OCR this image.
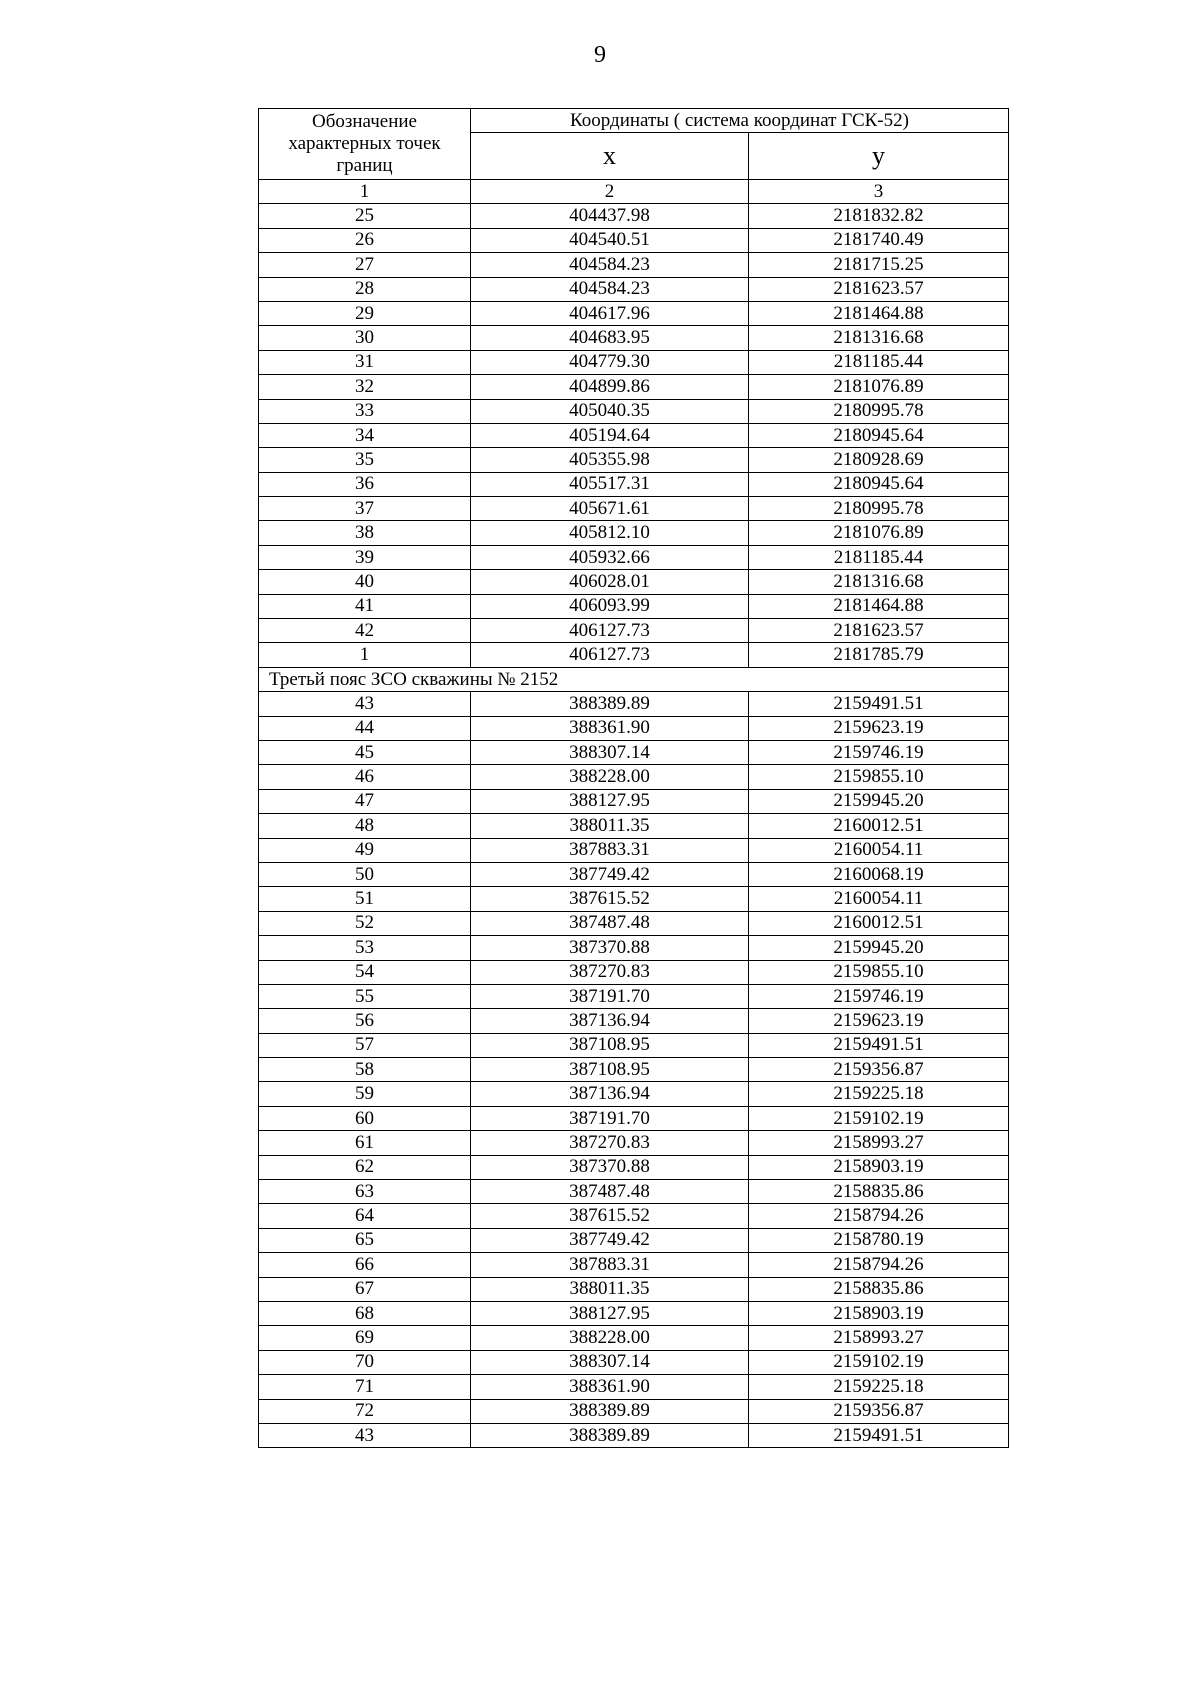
9
Обозначение характерных точек границ	Координаты ( система координат ГСК-52)	
	x	y
1	2	3
25	404437.98	2181832.82
26	404540.51	2181740.49
27	404584.23	2181715.25
28	404584.23	2181623.57
29	404617.96	2181464.88
30	404683.95	2181316.68
31	404779.30	2181185.44
32	404899.86	2181076.89
33	405040.35	2180995.78
34	405194.64	2180945.64
35	405355.98	2180928.69
36	405517.31	2180945.64
37	405671.61	2180995.78
38	405812.10	2181076.89
39	405932.66	2181185.44
40	406028.01	2181316.68
41	406093.99	2181464.88
42	406127.73	2181623.57
1	406127.73	2181785.79
Третьй пояс ЗСО скважины № 2152		
43	388389.89	2159491.51
44	388361.90	2159623.19
45	388307.14	2159746.19
46	388228.00	2159855.10
47	388127.95	2159945.20
48	388011.35	2160012.51
49	387883.31	2160054.11
50	387749.42	2160068.19
51	387615.52	2160054.11
52	387487.48	2160012.51
53	387370.88	2159945.20
54	387270.83	2159855.10
55	387191.70	2159746.19
56	387136.94	2159623.19
57	387108.95	2159491.51
58	387108.95	2159356.87
59	387136.94	2159225.18
60	387191.70	2159102.19
61	387270.83	2158993.27
62	387370.88	2158903.19
63	387487.48	2158835.86
64	387615.52	2158794.26
65	387749.42	2158780.19
66	387883.31	2158794.26
67	388011.35	2158835.86
68	388127.95	2158903.19
69	388228.00	2158993.27
70	388307.14	2159102.19
71	388361.90	2159225.18
72	388389.89	2159356.87
43	388389.89	2159491.51
